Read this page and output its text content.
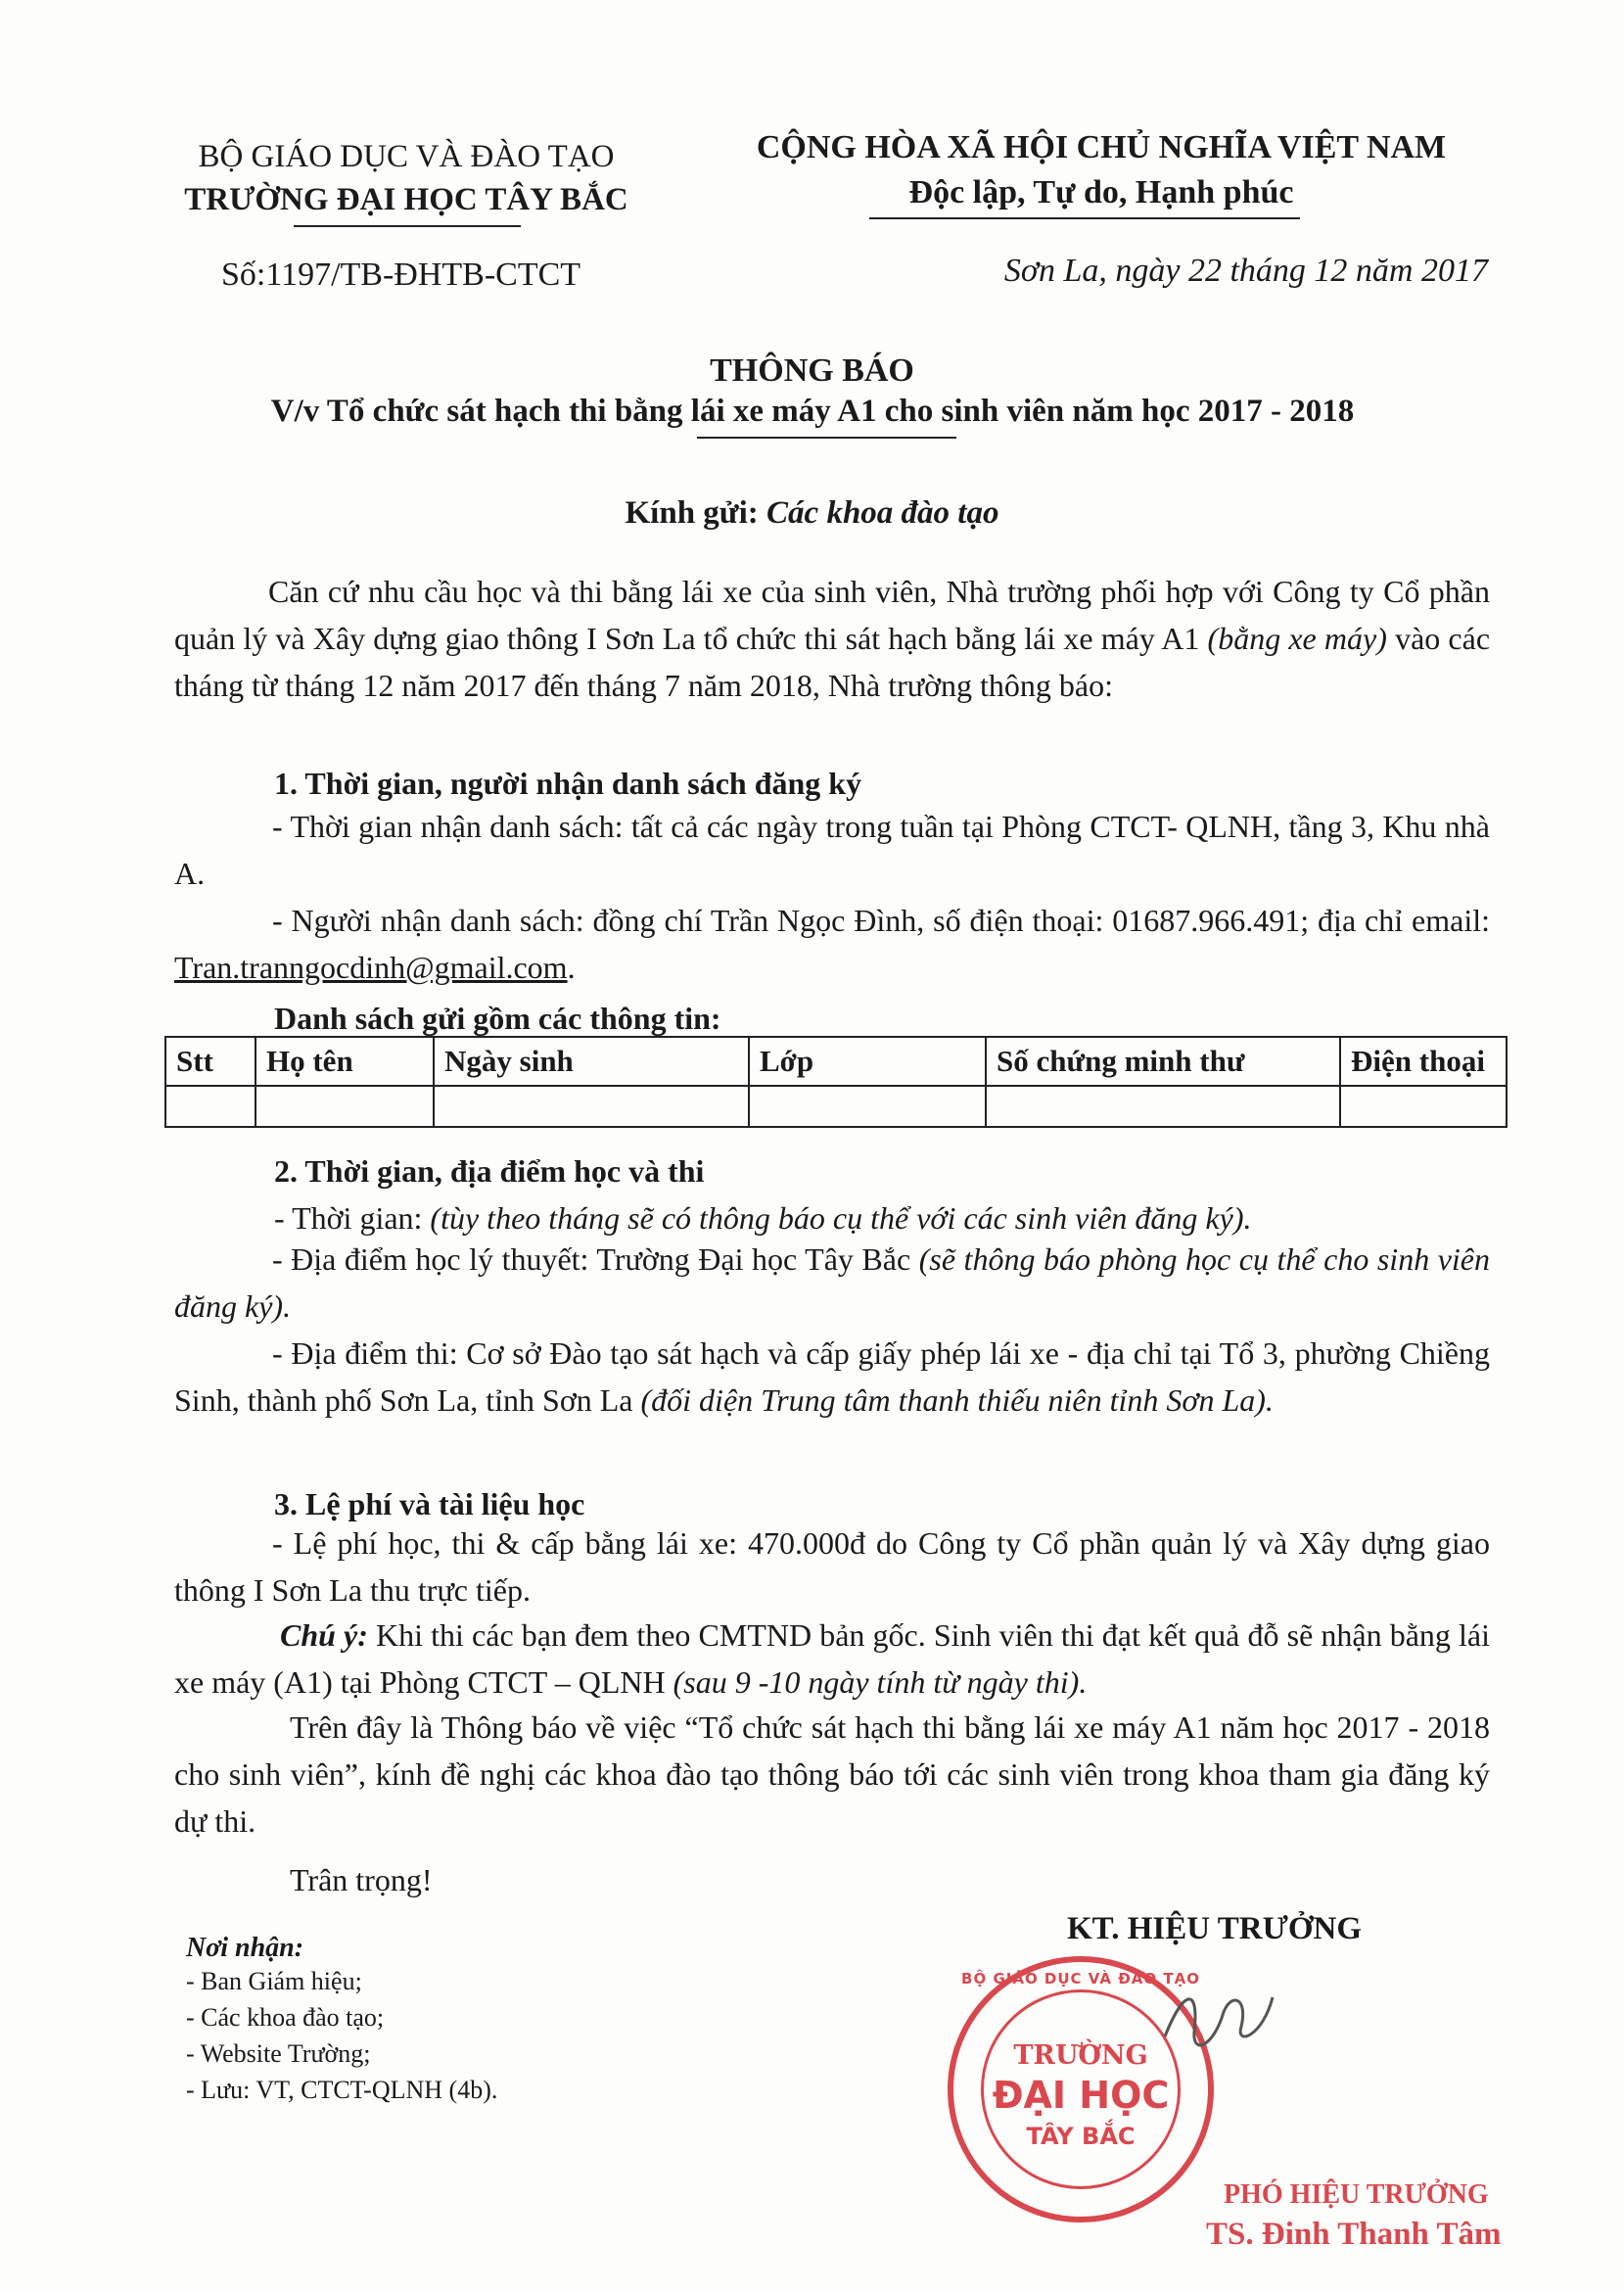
BỘ GIÁO DỤC VÀ ĐÀO TẠO
TRƯỜNG ĐẠI HỌC TÂY BẮC
Số:1197/TB-ĐHTB-CTCT
CỘNG HÒA XÃ HỘI CHỦ NGHĨA VIỆT NAM
Độc lập, Tự do, Hạnh phúc
Sơn La, ngày 22 tháng 12 năm 2017
THÔNG BÁO
V/v Tổ chức sát hạch thi bằng lái xe máy A1 cho sinh viên năm học 2017 - 2018
Kính gửi: Các khoa đào tạo
Căn cứ nhu cầu học và thi bằng lái xe của sinh viên, Nhà trường phối hợp với Công ty Cổ phần quản lý và Xây dựng giao thông I Sơn La tổ chức thi sát hạch bằng lái xe máy A1 (bằng xe máy) vào các tháng từ tháng 12 năm 2017 đến tháng 7 năm 2018, Nhà trường thông báo:
1. Thời gian, người nhận danh sách đăng ký
- Thời gian nhận danh sách: tất cả các ngày trong tuần tại Phòng CTCT- QLNH, tầng 3, Khu nhà A.
- Người nhận danh sách: đồng chí Trần Ngọc Đình, số điện thoại: 01687.966.491; địa chỉ email: Tran.tranngocdinh@gmail.com.
Danh sách gửi gồm các thông tin:
Stt	Họ tên	Ngày sinh	Lớp	Số chứng minh thư	Điện thoại

2. Thời gian, địa điểm học và thi
- Thời gian: (tùy theo tháng sẽ có thông báo cụ thể với các sinh viên đăng ký).
- Địa điểm học lý thuyết: Trường Đại học Tây Bắc (sẽ thông báo phòng học cụ thể cho sinh viên đăng ký).
- Địa điểm thi: Cơ sở Đào tạo sát hạch và cấp giấy phép lái xe - địa chỉ tại Tổ 3, phường Chiềng Sinh, thành phố Sơn La, tỉnh Sơn La (đối diện Trung tâm thanh thiếu niên tỉnh Sơn La).
3. Lệ phí và tài liệu học
- Lệ phí học, thi & cấp bằng lái xe: 470.000đ do Công ty Cổ phần quản lý và Xây dựng giao thông I Sơn La thu trực tiếp.
Chú ý: Khi thi các bạn đem theo CMTND bản gốc. Sinh viên thi đạt kết quả đỗ sẽ nhận bằng lái xe máy (A1) tại Phòng CTCT – QLNH (sau 9 -10 ngày tính từ ngày thi).
Trên đây là Thông báo về việc “Tổ chức sát hạch thi bằng lái xe máy A1 năm học 2017 - 2018 cho sinh viên”, kính đề nghị các khoa đào tạo thông báo tới các sinh viên trong khoa tham gia đăng ký dự thi.
Trân trọng!
Nơi nhận:
- Ban Giám hiệu;
- Các khoa đào tạo;
- Website Trường;
- Lưu: VT, CTCT-QLNH (4b).
KT. HIỆU TRƯỞNG
BỘ GIÁO DỤC VÀ ĐÀO TẠO
TRƯỜNG
ĐẠI HỌC
TÂY BẮC
PHÓ HIỆU TRƯỞNG
TS. Đinh Thanh Tâm
